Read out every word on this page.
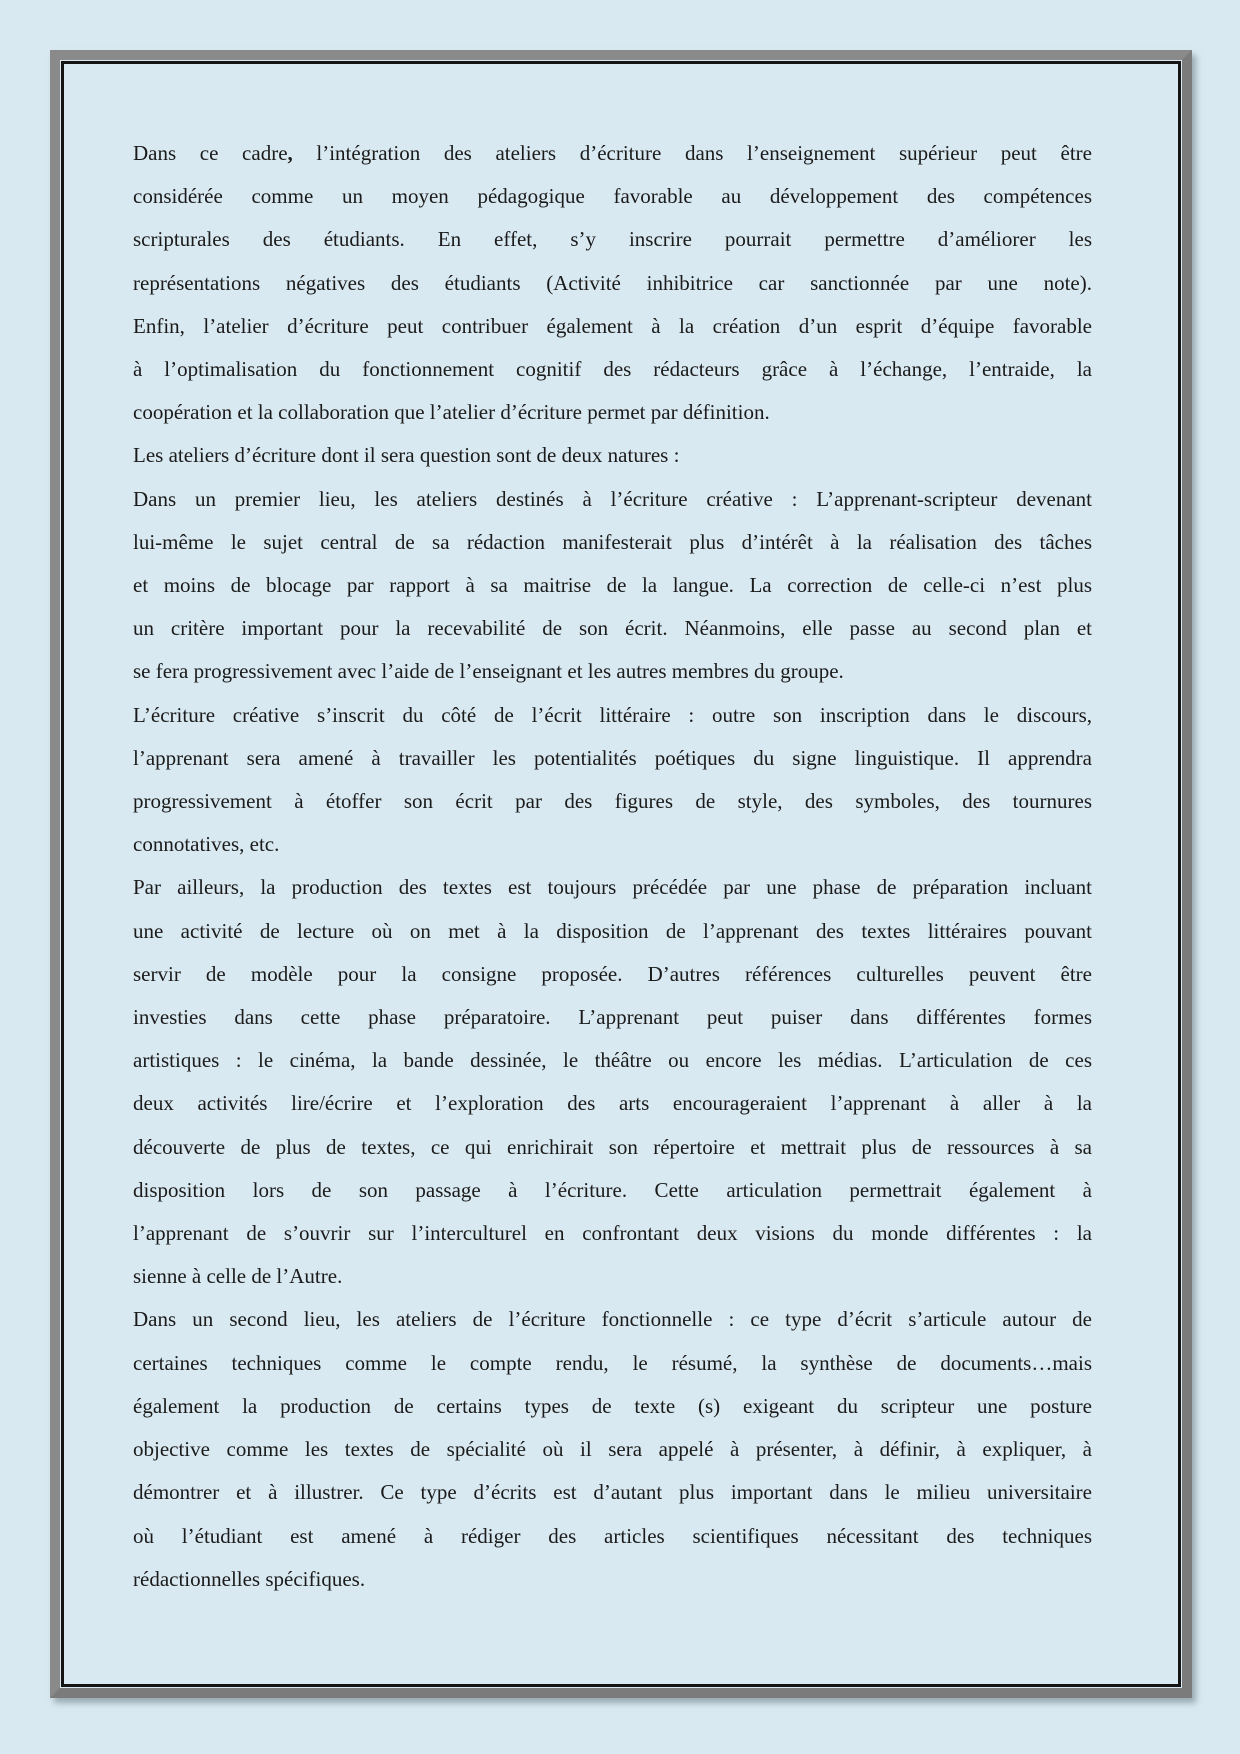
Dans ce cadre, l’intégration des ateliers d’écriture dans l’enseignement supérieur peut être
considérée comme un moyen pédagogique favorable au développement des compétences
scripturales des étudiants. En effet, s’y inscrire pourrait permettre d’améliorer les
représentations négatives des étudiants (Activité inhibitrice car sanctionnée par une note).
Enfin, l’atelier d’écriture peut contribuer également à la création d’un esprit d’équipe favorable
à l’optimalisation du fonctionnement cognitif des rédacteurs grâce à l’échange, l’entraide, la
coopération et la collaboration que l’atelier d’écriture permet par définition.
Les ateliers d’écriture dont il sera question sont de deux natures :
Dans un premier lieu, les ateliers destinés à l’écriture créative : L’apprenant-scripteur devenant
lui-même le sujet central de sa rédaction manifesterait plus d’intérêt à la réalisation des tâches
et moins de blocage par rapport à sa maitrise de la langue. La correction de celle-ci n’est plus
un critère important pour la recevabilité de son écrit. Néanmoins, elle passe au second plan et
se fera progressivement avec l’aide de l’enseignant et les autres membres du groupe.
L’écriture créative s’inscrit du côté de l’écrit littéraire : outre son inscription dans le discours,
l’apprenant sera amené à travailler les potentialités poétiques du signe linguistique. Il apprendra
progressivement à étoffer son écrit par des figures de style, des symboles, des tournures
connotatives, etc.
Par ailleurs, la production des textes est toujours précédée par une phase de préparation incluant
une activité de lecture où on met à la disposition de l’apprenant des textes littéraires pouvant
servir de modèle pour la consigne proposée. D’autres références culturelles peuvent être
investies dans cette phase préparatoire. L’apprenant peut puiser dans différentes formes
artistiques : le cinéma, la bande dessinée, le théâtre ou encore les médias. L’articulation de ces
deux activités lire/écrire et l’exploration des arts encourageraient l’apprenant à aller à la
découverte de plus de textes, ce qui enrichirait son répertoire et mettrait plus de ressources à sa
disposition lors de son passage à l’écriture. Cette articulation permettrait également à
l’apprenant de s’ouvrir sur l’interculturel en confrontant deux visions du monde différentes : la
sienne à celle de l’Autre.
Dans un second lieu, les ateliers de l’écriture fonctionnelle : ce type d’écrit s’articule autour de
certaines techniques comme le compte rendu, le résumé, la synthèse de documents…mais
également la production de certains types de texte (s) exigeant du scripteur une posture
objective comme les textes de spécialité où il sera appelé à présenter, à définir, à expliquer, à
démontrer et à illustrer. Ce type d’écrits est d’autant plus important dans le milieu universitaire
où l’étudiant est amené à rédiger des articles scientifiques nécessitant des techniques
rédactionnelles spécifiques.
